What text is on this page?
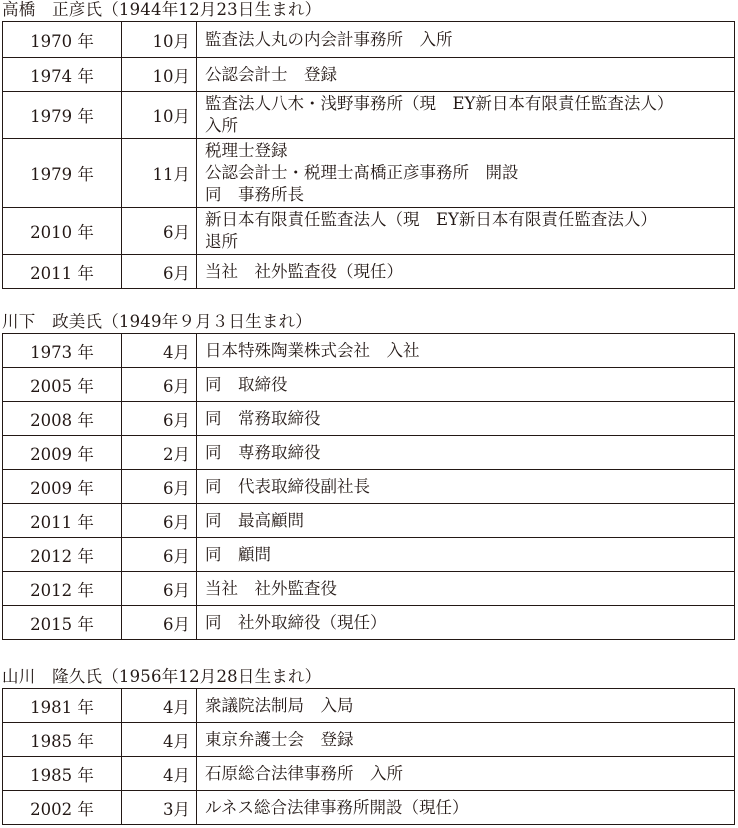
高橋　正彦氏（1944年12月23日生まれ）
1970 年	10月	監査法人丸の内会計事務所　入所

1974 年	10月	公認会計士　登録

1979 年	10月	監査法人八木・浅野事務所（現　EY新日本有限責任監査法人）
入所

1979 年	11月	税理士登録
公認会計士・税理士髙橋正彦事務所　開設
同　事務所長

2010 年	6月	新日本有限責任監査法人（現　EY新日本有限責任監査法人）
退所

2011 年	6月	当社　社外監査役（現任）
川下　政美氏（1949年９月３日生まれ）
1973 年	4月	日本特殊陶業株式会社　入社

2005 年	6月	同　取締役

2008 年	6月	同　常務取締役

2009 年	2月	同　専務取締役

2009 年	6月	同　代表取締役副社長

2011 年	6月	同　最高顧問

2012 年	6月	同　顧問

2012 年	6月	当社　社外監査役

2015 年	6月	同　社外取締役（現任）
山川　隆久氏（1956年12月28日生まれ）
1981 年	4月	衆議院法制局　入局

1985 年	4月	東京弁護士会　登録

1985 年	4月	石原総合法律事務所　入所

2002 年	3月	ルネス総合法律事務所開設（現任）
